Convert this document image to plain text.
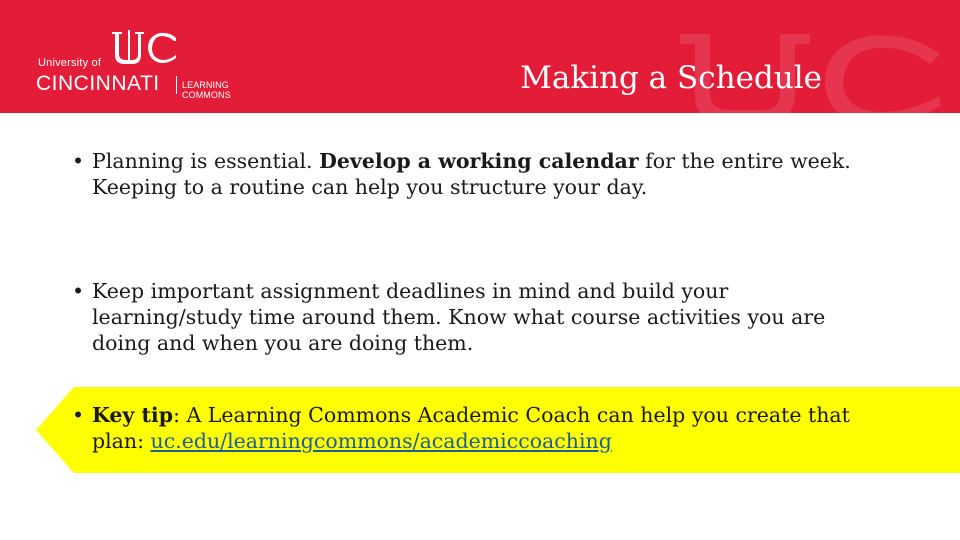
University of
CINCINNATI LEARNING COMMONS	Making a Schedule
• Planning is essential. Develop a working calendar for the entire week. Keeping to a routine can help you structure your day.
• Keep important assignment deadlines in mind and build your learning/study time around them. Know what course activities you are doing and when you are doing them.
• Key tip: A Learning Commons Academic Coach can help you create that plan: uc.edu/learningcommons/academiccoaching
